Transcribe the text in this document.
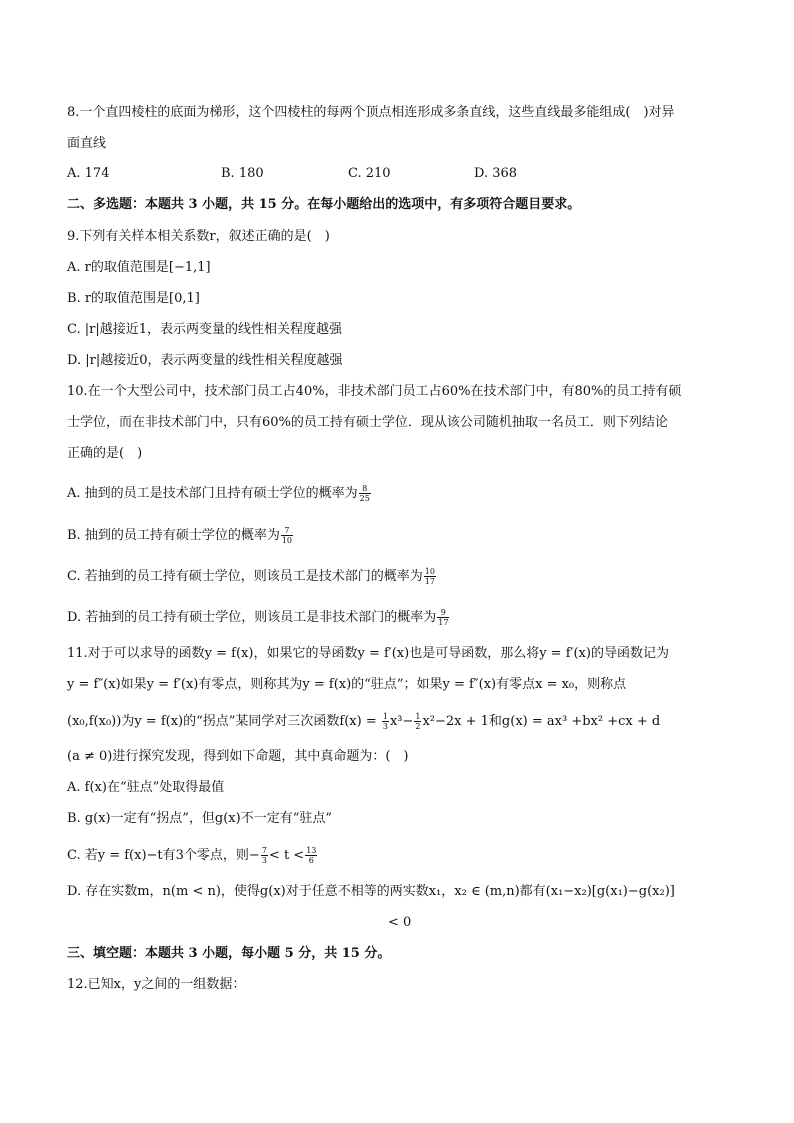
8.一个直四棱柱的底面为梯形，这个四棱柱的每两个顶点相连形成多条直线，这些直线最多能组成(　)对异
面直线
A. 174	B. 180	C. 210	D. 368
二、多选题：本题共 3 小题，共 15 分。在每小题给出的选项中，有多项符合题目要求。
9.下列有关样本相关系数r，叙述正确的是(　)
A. r的取值范围是[−1,1]
B. r的取值范围是[0,1]
C. |r|越接近1，表示两变量的线性相关程度越强
D. |r|越接近0，表示两变量的线性相关程度越强
10.在一个大型公司中，技术部门员工占40%，非技术部门员工占60%在技术部门中，有80%的员工持有硕
士学位，而在非技术部门中，只有60%的员工持有硕士学位．现从该公司随机抽取一名员工．则下列结论
正确的是(　)
A. 抽到的员工是技术部门且持有硕士学位的概率为 $\frac{8}{25}$
B. 抽到的员工持有硕士学位的概率为 $\frac{7}{10}$
C. 若抽到的员工持有硕士学位，则该员工是技术部门的概率为 $\frac{10}{17}$
D. 若抽到的员工持有硕士学位，则该员工是非技术部门的概率为 $\frac{9}{17}$
11.对于可以求导的函数y = f(x)，如果它的导函数y = f′(x)也是可导函数，那么将y = f′(x)的导函数记为
y = f″(x)如果y = f′(x)有零点，则称其为y = f(x)的“驻点”；如果y = f″(x)有零点x = x₀，则称点
(x₀,f(x₀))为y = f(x)的“拐点”某同学对三次函数$f(x) = \frac{1}{3} x^3- \frac{1}{2} x^2-2x + 1$和g(x) = ax³ +bx² +cx + d
(a ≠ 0)进行探究发现，得到如下命题，其中真命题为：(　)
A. f(x)在“驻点”处取得最值
B. g(x)一定有“拐点”，但g(x)不一定有“驻点”
C. 若y = f(x)−t有3个零点，则− $\frac{7}{3} < t < \frac{13}{6}$
D. 存在实数m，n(m < n)，使得g(x)对于任意不相等的两实数x₁，x₂ ∈ (m,n)都有(x₁−x₂)[g(x₁)−g(x₂)]
< 0
三、填空题：本题共 3 小题，每小题 5 分，共 15 分。
12.已知x，y之间的一组数据：
